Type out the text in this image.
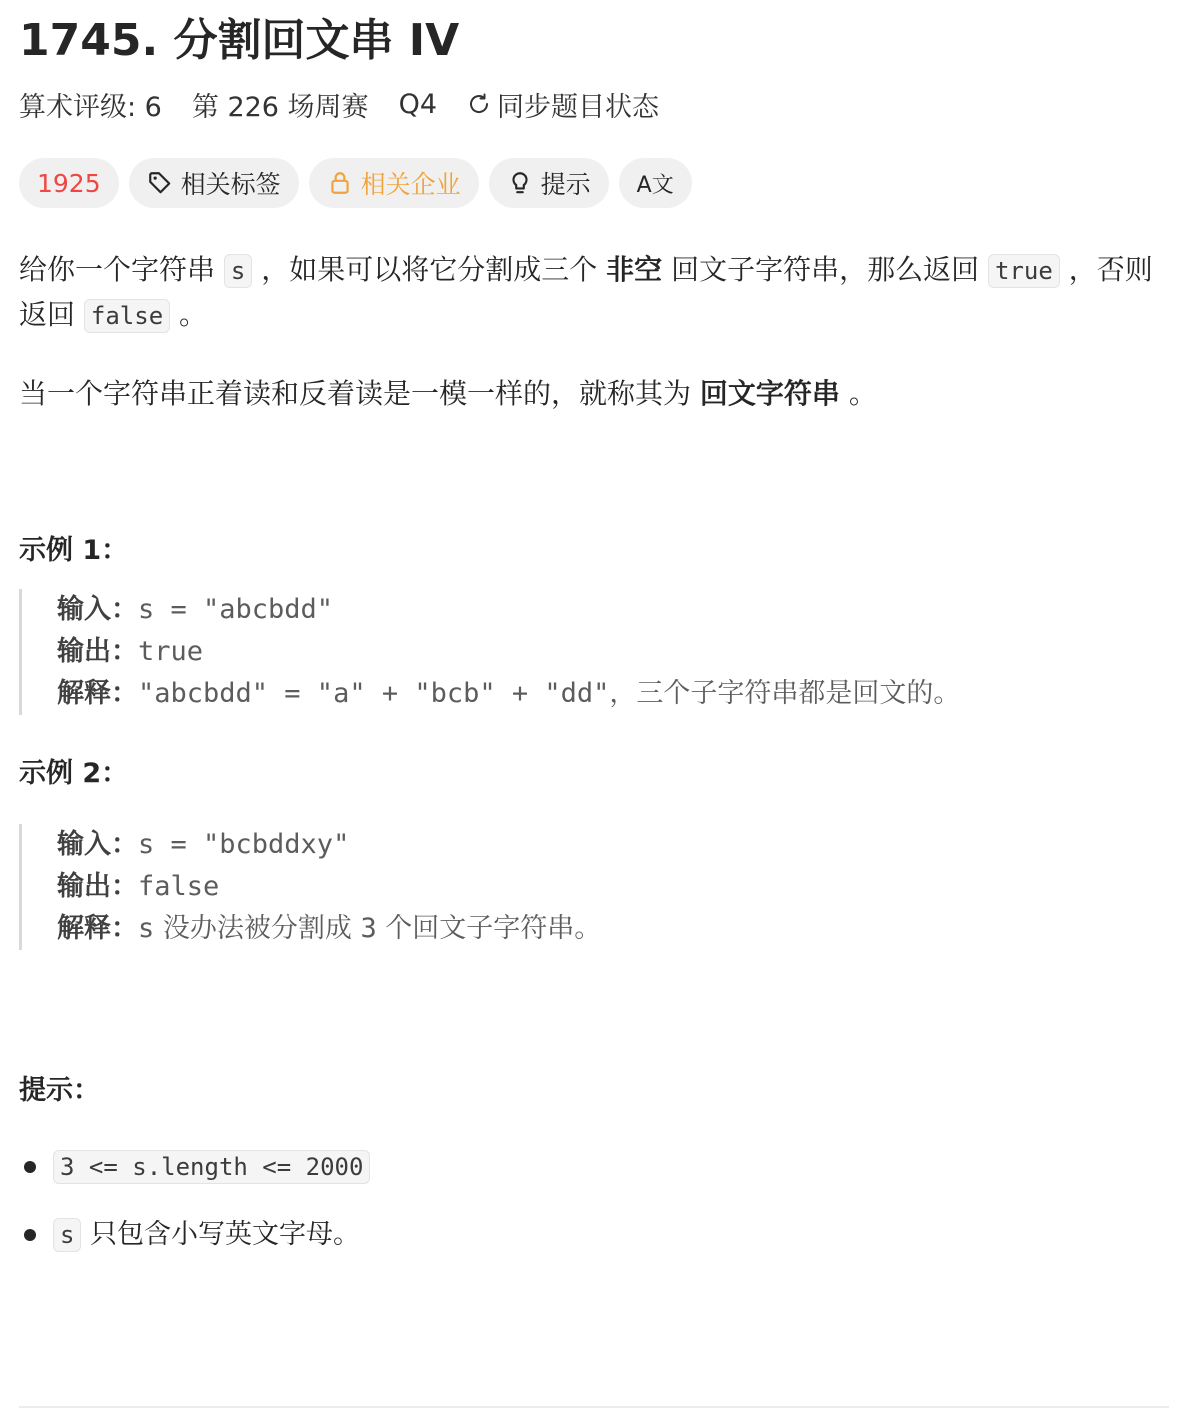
1745. 分割回文串 IV
算术评级: 6 第 226 场周赛 Q4 同步题目状态
1925	相关标签	相关企业	提示 A文

给你一个字符串 s ，如果可以将它分割成三个 非空 回文子字符串，那么返回 true ，否则返回 false 。

当一个字符串正着读和反着读是一模一样的，就称其为 回文字符串 。

示例 1：
输入：s = "abcbdd"
输出：true
解释："abcbdd" = "a" + "bcb" + "dd"，三个子字符串都是回文的。
示例 2：
输入：s = "bcbddxy"
输出：false
解释：s 没办法被分割成 3 个回文子字符串。
提示：
3 <= s.length <= 2000
s 只包含小写英文字母。
